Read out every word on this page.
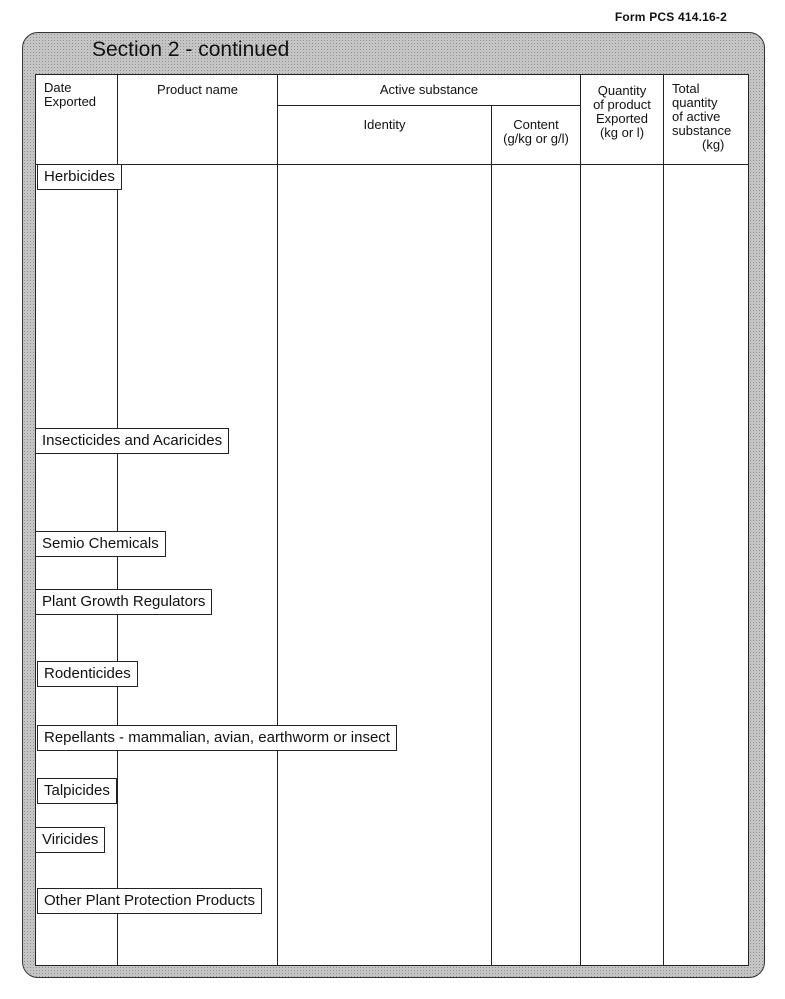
Form PCS 414.16-2
Section 2 - continued
Date Exported
Product name	Active substance
Identity	Content
(g/kg or g/l)
Quantity
of product
Exported
(kg or l)
Total
quantity
of active
substance
(kg)
Herbicides
Insecticides and Acaricides
Semio Chemicals
Plant Growth Regulators
Rodenticides
Repellants - mammalian, avian, earthworm or insect
Talpicides
Viricides
Other Plant Protection Products
